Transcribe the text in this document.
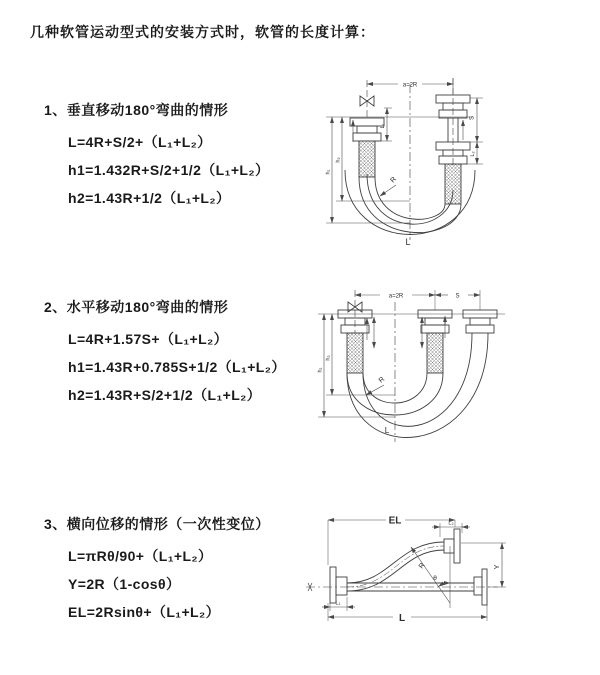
几种软管运动型式的安装方式时，软管的长度计算：
1、垂直移动180°弯曲的情形

L=4R+S/2+（L₁+L₂）

h1=1.432R+S/2+1/2（L₁+L₂）

h2=1.43R+1/2（L₁+L₂）

2、水平移动180°弯曲的情形

L=4R+1.57S+（L₁+L₂）

h1=1.43R+0.785S+1/2（L₁+L₂）

h2=1.43R+S/2+1/2（L₁+L₂）

3、横向位移的情形（一次性变位）

L=πRθ/90+（L₁+L₂）

Y=2R（1-cosθ）

EL=2Rsinθ+（L₁+L₂）

a=2R
h₁
h₂
L₁
S
L₂
R
L
a=2R	S
h₁
h₂
R
L
EL	L₂
Y
R
θ
L₁
L
